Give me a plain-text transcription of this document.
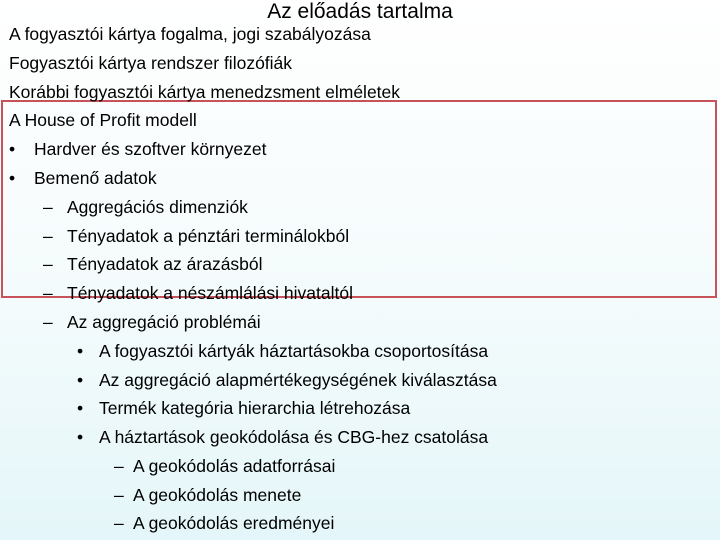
Az előadás tartalma
A fogyasztói kártya fogalma, jogi szabályozása
Fogyasztói kártya rendszer filozófiák
Korábbi fogyasztói kártya menedzsment elméletek
A House of Profit modell
• Hardver és szoftver környezet
• Bemenő adatok
– Aggregációs dimenziók
– Tényadatok a pénztári terminálokból
– Tényadatok az árazásból
– Tényadatok a nészámlálási hivataltól
– Az aggregáció problémái
• A fogyasztói kártyák háztartásokba csoportosítása
• Az aggregáció alapmértékegységének kiválasztása
• Termék kategória hierarchia létrehozása
• A háztartások geokódolása és CBG-hez csatolása
– A geokódolás adatforrásai
– A geokódolás menete
– A geokódolás eredményei
